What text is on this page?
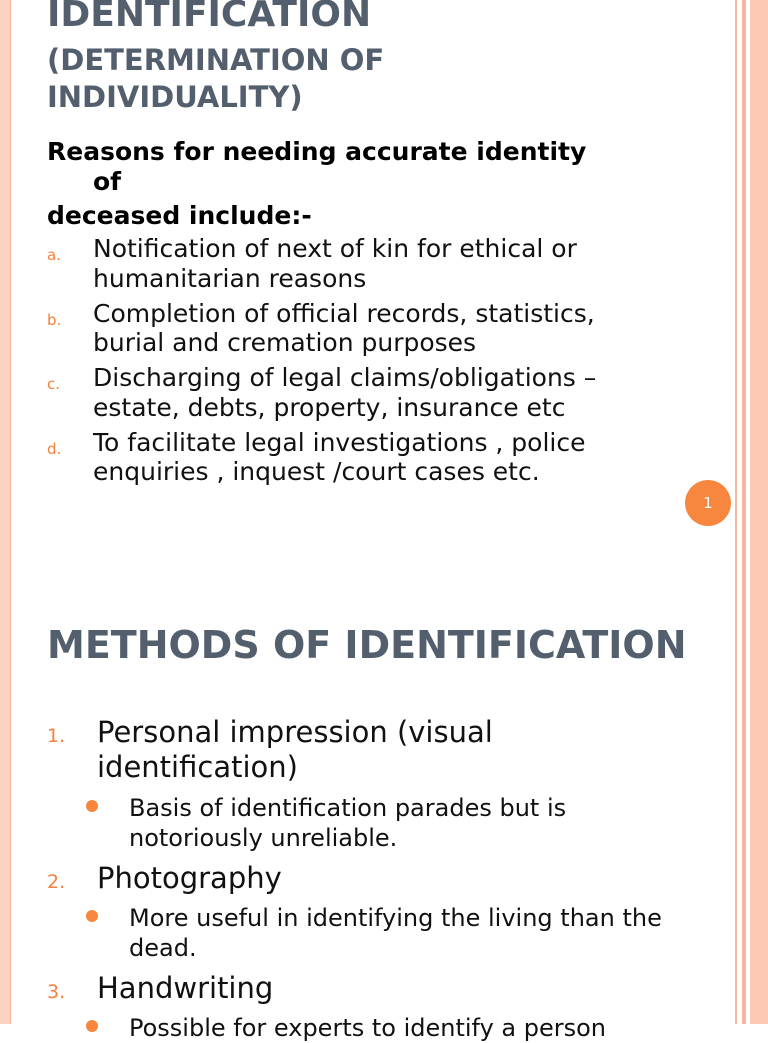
IDENTIFICATION
(DETERMINATION OF INDIVIDUALITY)

Reasons for needing accurate identity
of
deceased include:-

a. Notification of next of kin for ethical or humanitarian reasons
b. Completion of official records, statistics, burial and cremation purposes
c. Discharging of legal claims/obligations – estate, debts, property, insurance etc
d. To facilitate legal investigations , police enquiries , inquest /court cases etc.
1
METHODS OF IDENTIFICATION
1. Personal impression (visual identification)
Basis of identification parades but is notoriously unreliable.
2. Photography
More useful in identifying the living than the dead.
3. Handwriting
Possible for experts to identify a person
